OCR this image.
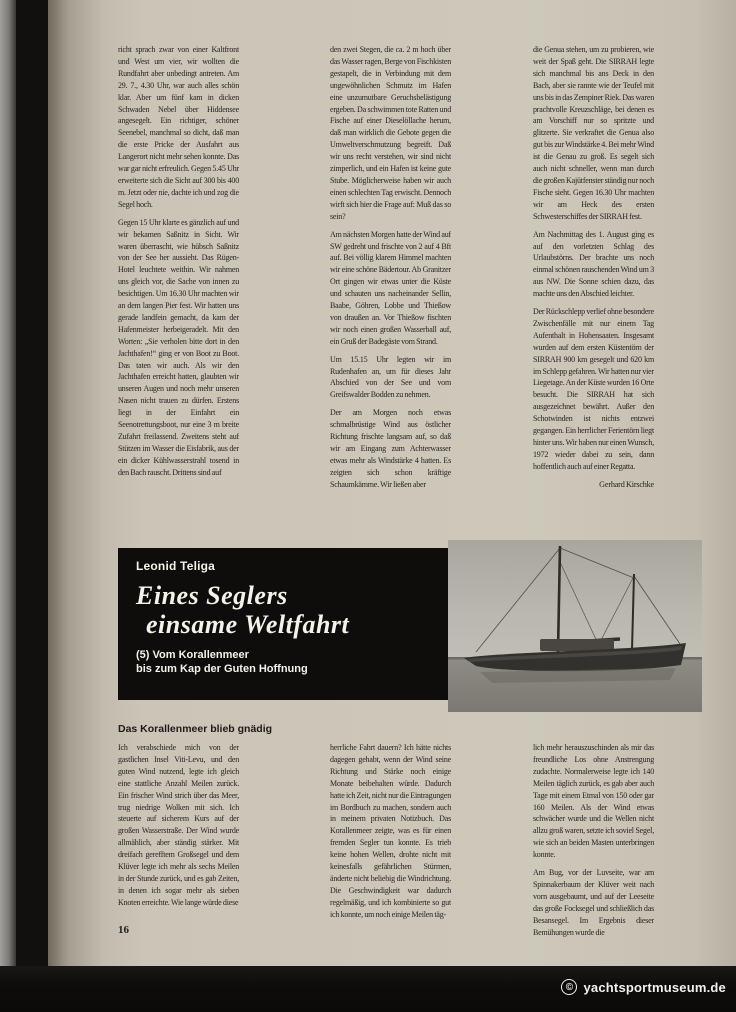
richt sprach zwar von einer Kaltfront und West um vier, wir wollten die Rundfahrt aber unbedingt antreten. Am 29. 7., 4.30 Uhr, war auch alles schön klar. Aber um fünf kam in dicken Schwaden Nebel über Hiddensee angesegelt. Ein richtiger, schöner Seenebel, manchmal so dicht, daß man die erste Pricke der Ausfahrt aus Langerort nicht mehr sehen konnte. Das war gar nicht erfreulich. Gegen 5.45 Uhr erweiterte sich die Sicht auf 300 bis 400 m. Jetzt oder nie, dachte ich und zog die Segel hoch.

Gegen 15 Uhr klarte es gänzlich auf und wir bekamen Saßnitz in Sicht. Wir waren überrascht, wie hübsch Saßnitz von der See her aussieht. Das Rügen-Hotel leuchtete weithin. Wir nahmen uns gleich vor, die Sache von innen zu besichtigen. Um 16.30 Uhr machten wir an dem langen Pier fest. Wir hatten uns gerade landfein gemacht, da kam der Hafenmeister herbeigeradelt. Mit den Worten: „Sie verholen bitte dort in den Jachthafen!“ ging er von Boot zu Boot. Das taten wir auch. Als wir den Jachthafen erreicht hatten, glaubten wir unseren Augen und noch mehr unseren Nasen nicht trauen zu dürfen. Erstens liegt in der Einfahrt ein Seenotrettungsboot, nur eine 3 m breite Zufahrt freilassend. Zweitens steht auf Stützen im Wasser die Eisfabrik, aus der ein dicker Kühlwasserstrahl tosend in den Bach rauscht. Drittens sind auf

den zwei Stegen, die ca. 2 m hoch über das Wasser ragen, Berge von Fischkisten gestapelt, die in Verbindung mit dem ungewöhnlichen Schmutz im Hafen eine unzumutbare Geruchsbelästigung ergeben. Da schwimmen tote Ratten und Fische auf einer Dieselöllache herum, daß man wirklich die Gebote gegen die Umweltverschmutzung begreift. Daß wir uns recht verstehen, wir sind nicht zimperlich, und ein Hafen ist keine gute Stube. Möglicherweise haben wir auch einen schlechten Tag erwischt. Dennoch wirft sich hier die Frage auf: Muß das so sein?

Am nächsten Morgen hatte der Wind auf SW gedreht und frischte von 2 auf 4 Bft auf. Bei völlig klarem Himmel machten wir eine schöne Bädertour. Ab Granitzer Ort gingen wir etwas unter die Küste und schauten uns nacheinander Sellin, Baabe, Göhren, Lobbe und Thießow von draußen an. Vor Thießow fischten wir noch einen großen Wasserball auf, ein Gruß der Badegäste vom Strand.

Um 15.15 Uhr legten wir im Rudenhafen an, um für dieses Jahr Abschied von der See und vom Greifswalder Bodden zu nehmen.

Der am Morgen noch etwas schmalbrüstige Wind aus östlicher Richtung frischte langsam auf, so daß wir am Eingang zum Achterwasser etwas mehr als Windstärke 4 hatten. Es zeigten sich schon kräftige Schaumkämme. Wir ließen aber

die Genua stehen, um zu probieren, wie weit der Spaß geht. Die SIRRAH legte sich manchmal bis ans Deck in den Bach, aber sie rannte wie der Teufel mit uns bis in das Zempiner Riek. Das waren prachtvolle Kreuzschläge, bei denen es am Vorschiff nur so spritzte und glitzerte. Sie verkraftet die Genua also gut bis zur Windstärke 4. Bei mehr Wind ist die Genau zu groß. Es segelt sich auch nicht schneller, wenn man durch die großen Kajütfenster ständig nur noch Fische sieht. Gegen 16.30 Uhr machten wir am Heck des ersten Schwesterschiffes der SIRRAH fest.

Am Nachmittag des 1. August ging es auf den vorletzten Schlag des Urlaubstörns. Der brachte uns noch einmal schönen rauschenden Wind um 3 aus NW. Die Sonne schien dazu, das machte uns den Abschied leichter.

Der Rückschlepp verlief ohne besondere Zwischenfälle mit nur einem Tag Aufenthalt in Hohensaaten. Insgesamt wurden auf dem ersten Küstentörn der SIRRAH 900 km gesegelt und 620 km im Schlepp gefahren. Wir hatten nur vier Liegetage. An der Küste wurden 16 Orte besucht. Die SIRRAH hat sich ausgezeichnet bewährt. Außer den Schotwinden ist nichts entzwei gegangen. Ein herrlicher Ferientörn liegt hinter uns. Wir haben nur einen Wunsch, 1972 wieder dabei zu sein, dann hoffentlich auch auf einer Regatta.

Gerhard Kirschke

Leonid Teliga
Eines Seglers
einsame Weltfahrt
(5) Vom Korallenmeer
bis zum Kap der Guten Hoffnung
Das Korallenmeer blieb gnädig

Ich verabschiede mich von der gastlichen Insel Viti-Levu, und den guten Wind nutzend, legte ich gleich eine stattliche Anzahl Meilen zurück. Ein frischer Wind strich über das Meer, trug niedrige Wolken mit sich. Ich steuerte auf sicherem Kurs auf der großen Wasserstraße. Der Wind wurde allmählich, aber ständig stärker. Mit dreifach gerefftem Großsegel und dem Klüver legte ich mehr als sechs Meilen in der Stunde zurück, und es gab Zeiten, in denen ich sogar mehr als sieben Knoten erreichte. Wie lange würde diese

herrliche Fahrt dauern? Ich hätte nichts dagegen gehabt, wenn der Wind seine Richtung und Stärke noch einige Monate beibehalten würde. Dadurch hatte ich Zeit, nicht nur die Eintragungen im Bordbuch zu machen, sondern auch in meinem privaten Notizbuch. Das Korallenmeer zeigte, was es für einen fremden Segler tun konnte. Es trieb keine hohen Wellen, drohte nicht mit keinesfalls gefährlichen Stürmen, änderte nicht beliebig die Windrichtung. Die Geschwindigkeit war dadurch regelmäßig, und ich kombinierte so gut ich konnte, um noch einige Meilen täg-

lich mehr herauszuschinden als mir das freundliche Los ohne Anstrengung zudachte. Normalerweise legte ich 140 Meilen täglich zurück, es gab aber auch Tage mit einem Etmal von 150 oder gar 160 Meilen. Als der Wind etwas schwächer wurde und die Wellen nicht allzu groß waren, setzte ich soviel Segel, wie sich an beiden Masten unterbringen konnte.

Am Bug, vor der Luvseite, war am Spinnakerbaum der Klüver weit nach vorn ausgebaumt, und auf der Leeseite das große Focksegel und schließlich das Besansegel. Im Ergebnis dieser Bemühungen wurde die

16
© yachtsportmuseum.de
